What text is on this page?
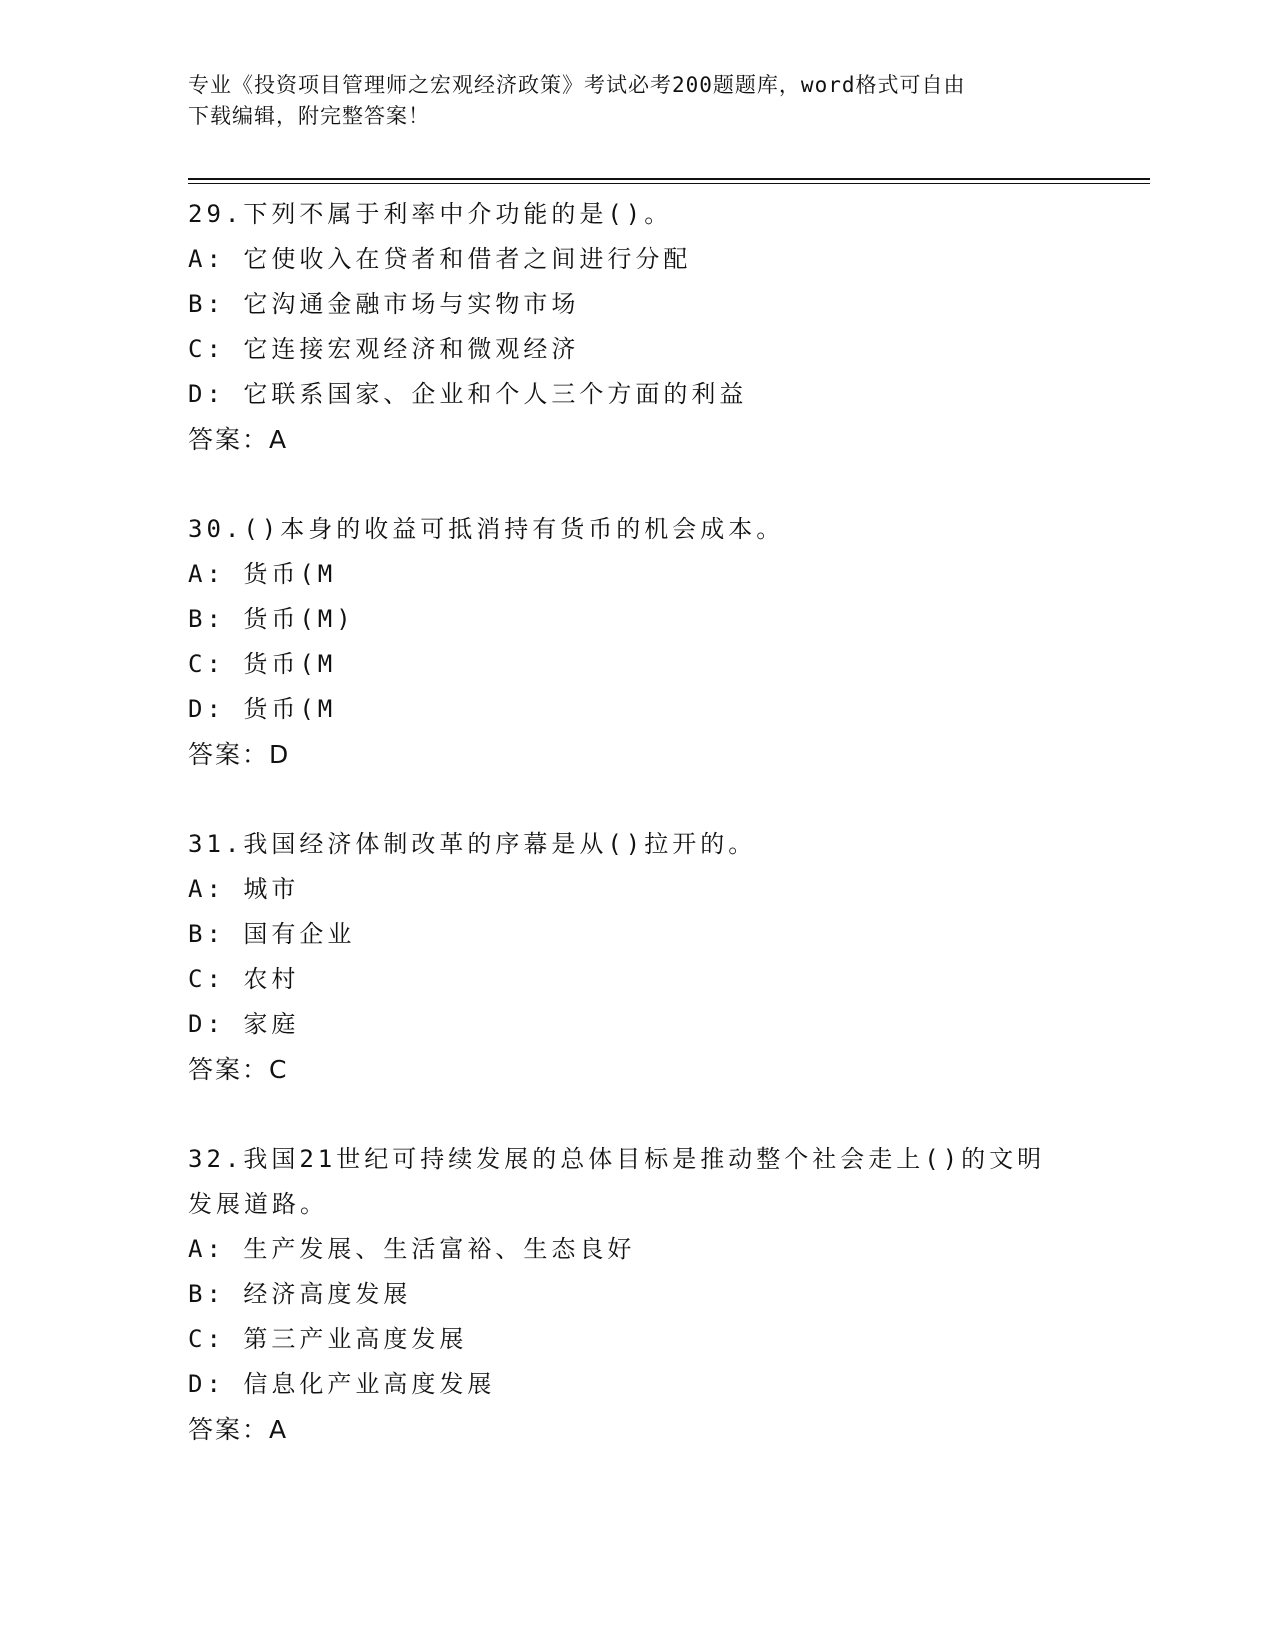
专业《投资项目管理师之宏观经济政策》考试必考200题题库，word格式可自由
下载编辑，附完整答案！
29.下列不属于利率中介功能的是()。
A: 它使收入在贷者和借者之间进行分配
B: 它沟通金融市场与实物市场
C: 它连接宏观经济和微观经济
D: 它联系国家、企业和个人三个方面的利益
答案：A
30.()本身的收益可抵消持有货币的机会成本。
A: 货币(M
B: 货币(M)
C: 货币(M
D: 货币(M
答案：D
31.我国经济体制改革的序幕是从()拉开的。
A: 城市
B: 国有企业
C: 农村
D: 家庭
答案：C
32.我国21世纪可持续发展的总体目标是推动整个社会走上()的文明发展道路。
A: 生产发展、生活富裕、生态良好
B: 经济高度发展
C: 第三产业高度发展
D: 信息化产业高度发展
答案：A
